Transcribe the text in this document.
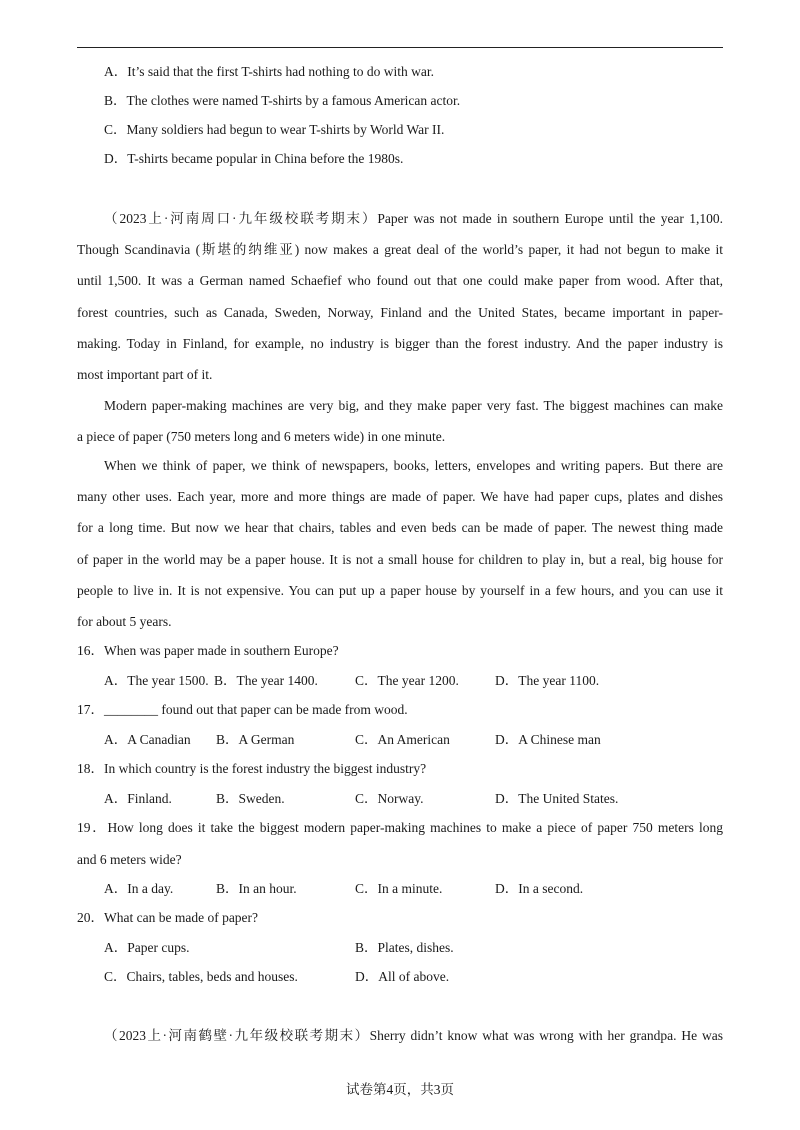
A．It’s said that the first T-shirts had nothing to do with war.
B．The clothes were named T-shirts by a famous American actor.
C．Many soldiers had begun to wear T-shirts by World War II.
D．T-shirts became popular in China before the 1980s.
（2023上·河南周口·九年级校联考期末）Paper was not made in southern Europe until the year 1,100.
Though Scandinavia (斯堪的纳维亚) now makes a great deal of the world’s paper, it had not begun to make it
until 1,500. It was a German named Schaefief who found out that one could make paper from wood. After that,
forest countries, such as Canada, Sweden, Norway, Finland and the United States, became important in paper-
making. Today in Finland, for example, no industry is bigger than the forest industry. And the paper industry is
most important part of it.
Modern paper-making machines are very big, and they make paper very fast. The biggest machines can make
a piece of paper (750 meters long and 6 meters wide) in one minute.
When we think of paper, we think of newspapers, books, letters, envelopes and writing papers. But there are
many other uses. Each year, more and more things are made of paper. We have had paper cups, plates and dishes
for a long time. But now we hear that chairs, tables and even beds can be made of paper. The newest thing made
of paper in the world may be a paper house. It is not a small house for children to play in, but a real, big house for
people to live in. It is not expensive. You can put up a paper house by yourself in a few hours, and you can use it
for about 5 years.
16．When was paper made in southern Europe?
A．The year 1500. B．The year 1400.	C．The year 1200.	D．The year 1100.
17．________ found out that paper can be made from wood.
A．A Canadian B．A German	C．An American	D．A Chinese man
18．In which country is the forest industry the biggest industry?
A．Finland.	B．Sweden.	C．Norway.	D．The United States.
19．How long does it take the biggest modern paper-making machines to make a piece of paper 750 meters long
and 6 meters wide?
A．In a day.	B．In an hour.	C．In a minute.	D．In a second.
20．What can be made of paper?
A．Paper cups.	B．Plates, dishes.
C．Chairs, tables, beds and houses.	D．All of above.
（2023上·河南鹤壁·九年级校联考期末）Sherry didn’t know what was wrong with her grandpa. He was
试卷第4页，共3页
